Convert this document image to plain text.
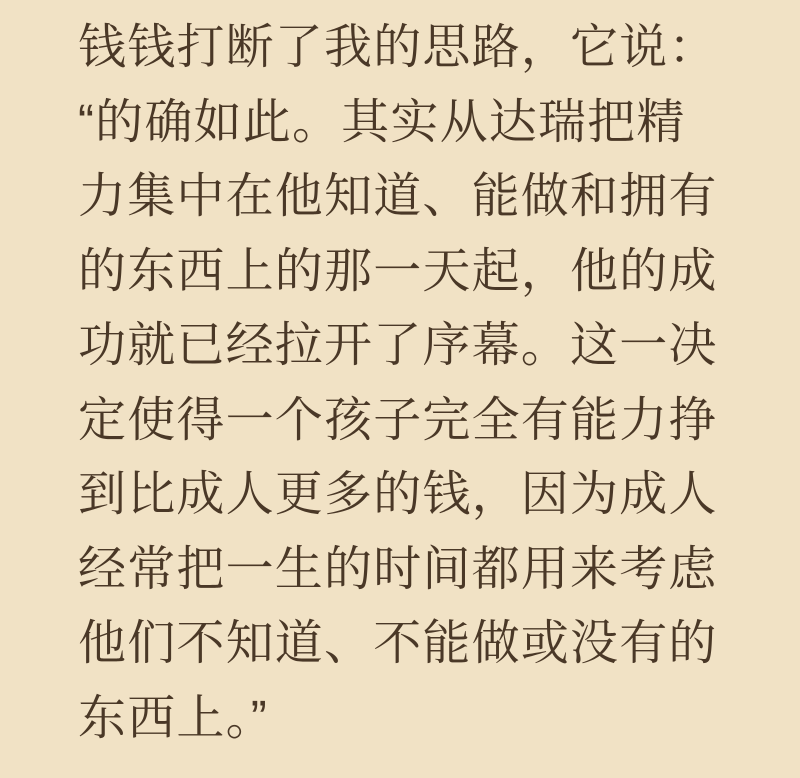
钱钱打断了我的思路，它说：
“的确如此。其实从达瑞把精
力集中在他知道、能做和拥有
的东西上的那一天起，他的成
功就已经拉开了序幕。这一决
定使得一个孩子完全有能力挣
到比成人更多的钱，因为成人
经常把一生的时间都用来考虑
他们不知道、不能做或没有的
东西上。”
